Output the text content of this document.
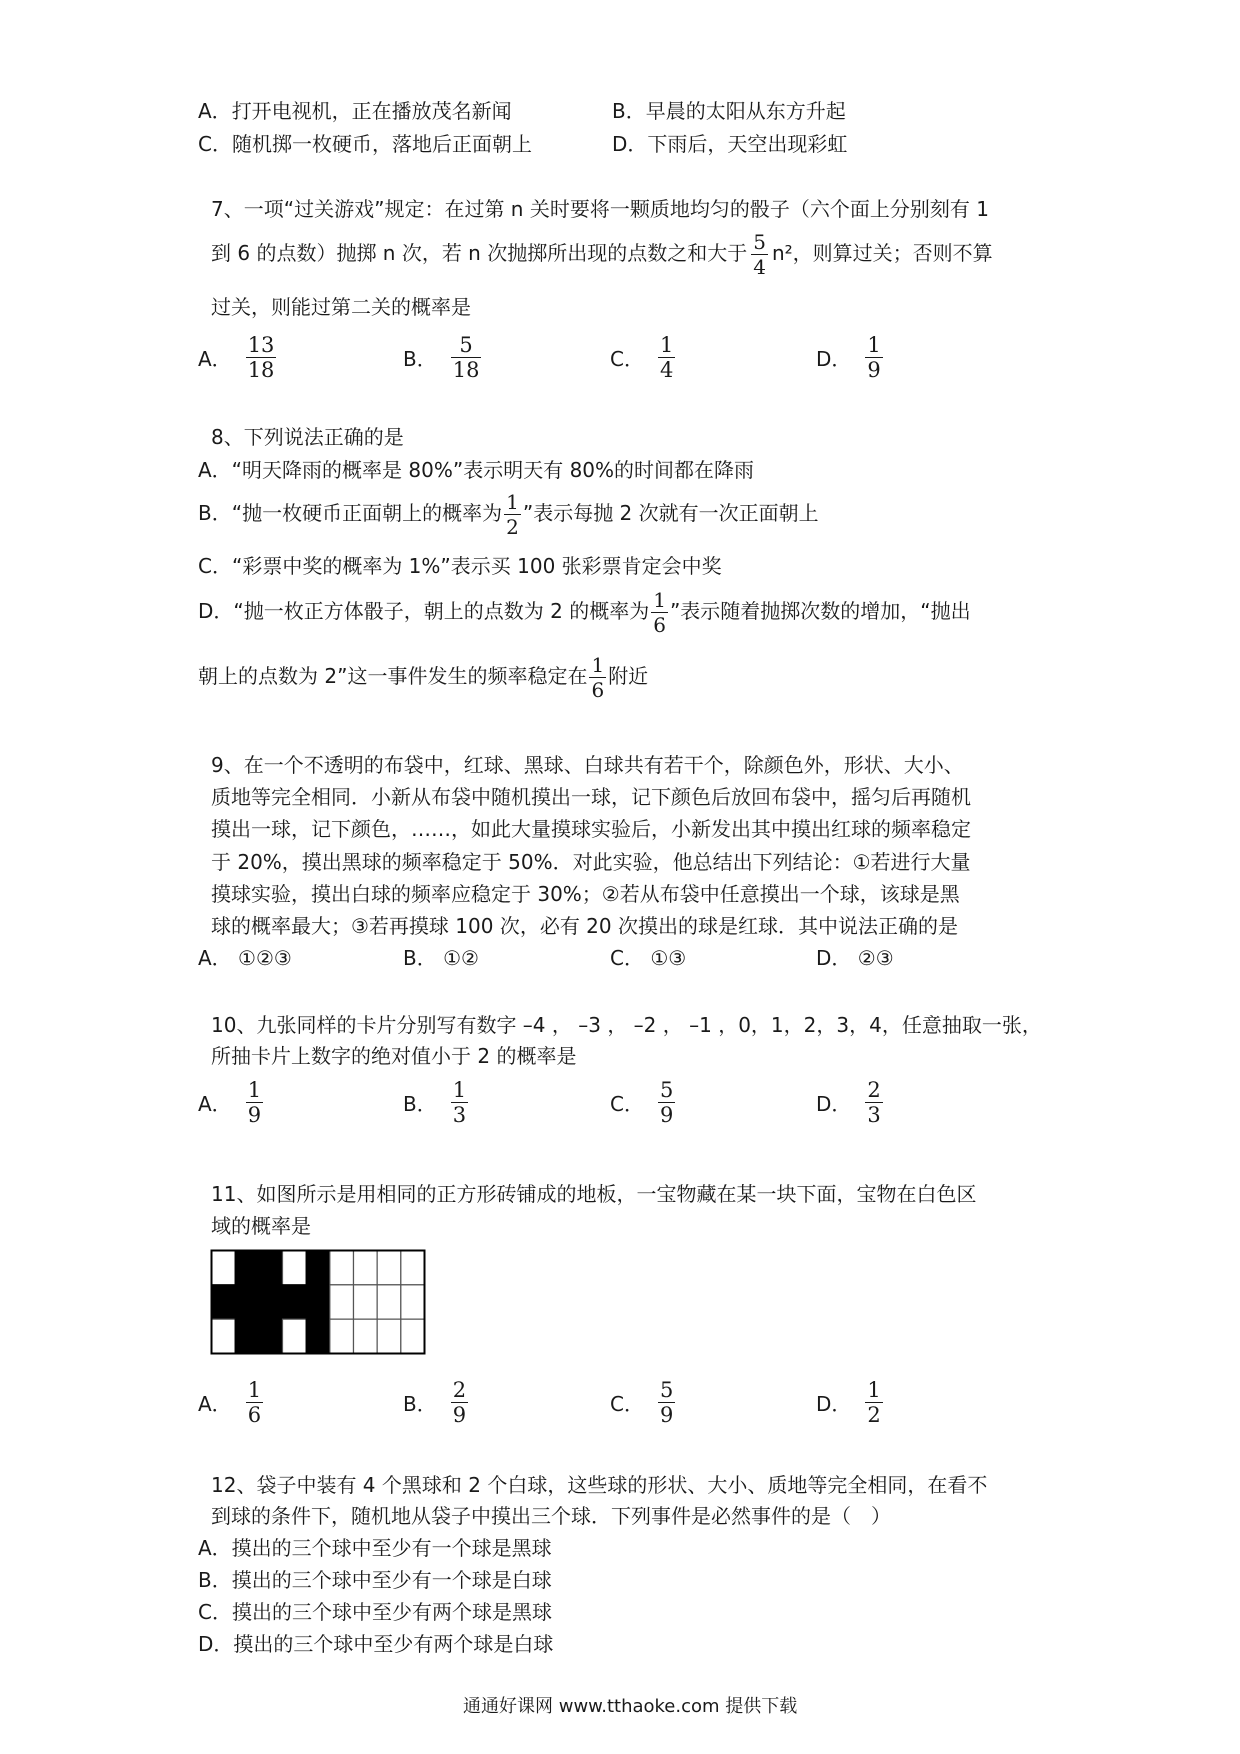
A．打开电视机，正在播放茂名新闻	B．早晨的太阳从东方升起
C．随机掷一枚硬币，落地后正面朝上	D．下雨后，天空出现彩虹
7、一项“过关游戏”规定：在过第 n 关时要将一颗质地均匀的骰子（六个面上分别刻有 1
到 6 的点数）抛掷 n 次，若 n 次抛掷所出现的点数之和大于 $\frac{5}{4} n^2$，则算过关；否则不算
过关，则能过第二关的概率是
A． $\frac{13}{18}$	B． $\frac{5}{18}$	C． $\frac{1}{4}$	D． $\frac{1}{9}$
8、下列说法正确的是
A．“明天降雨的概率是 80%”表示明天有 80%的时间都在降雨
B．“抛一枚硬币正面朝上的概率为 $\frac{1}{2}$ ”表示每抛 2 次就有一次正面朝上
C．“彩票中奖的概率为 1%”表示买 100 张彩票肯定会中奖
D．“抛一枚正方体骰子，朝上的点数为 2 的概率为 $\frac{1}{6}$ ”表示随着抛掷次数的增加，“抛出
朝上的点数为 2”这一事件发生的频率稳定在 $\frac{1}{6}$ 附近
9、在一个不透明的布袋中，红球、黑球、白球共有若干个，除颜色外，形状、大小、
质地等完全相同．小新从布袋中随机摸出一球，记下颜色后放回布袋中，摇匀后再随机
摸出一球，记下颜色，……，如此大量摸球实验后，小新发出其中摸出红球的频率稳定
于 20%，摸出黑球的频率稳定于 50%．对此实验，他总结出下列结论：①若进行大量
摸球实验，摸出白球的频率应稳定于 30%；②若从布袋中任意摸出一个球，该球是黑
球的概率最大；③若再摸球 100 次，必有 20 次摸出的球是红球．其中说法正确的是
A． ①②③	B． ①②	C． ①③	D． ②③
10、九张同样的卡片分别写有数字 –4 ， –3 ， –2 ， –1 ，0，1，2，3，4，任意抽取一张，
所抽卡片上数字的绝对值小于 2 的概率是
A． $\frac{1}{9}$	B． $\frac{1}{3}$	C． $\frac{5}{9}$	D． $\frac{2}{3}$
11、如图所示是用相同的正方形砖铺成的地板，一宝物藏在某一块下面，宝物在白色区
域的概率是
A． $\frac{1}{6}$	B． $\frac{2}{9}$	C． $\frac{5}{9}$	D． $\frac{1}{2}$
12、袋子中装有 4 个黑球和 2 个白球，这些球的形状、大小、质地等完全相同，在看不
到球的条件下，随机地从袋子中摸出三个球．下列事件是必然事件的是（　）
A．摸出的三个球中至少有一个球是黑球
B．摸出的三个球中至少有一个球是白球
C．摸出的三个球中至少有两个球是黑球
D．摸出的三个球中至少有两个球是白球
通通好课网 www.tthaoke.com 提供下载
